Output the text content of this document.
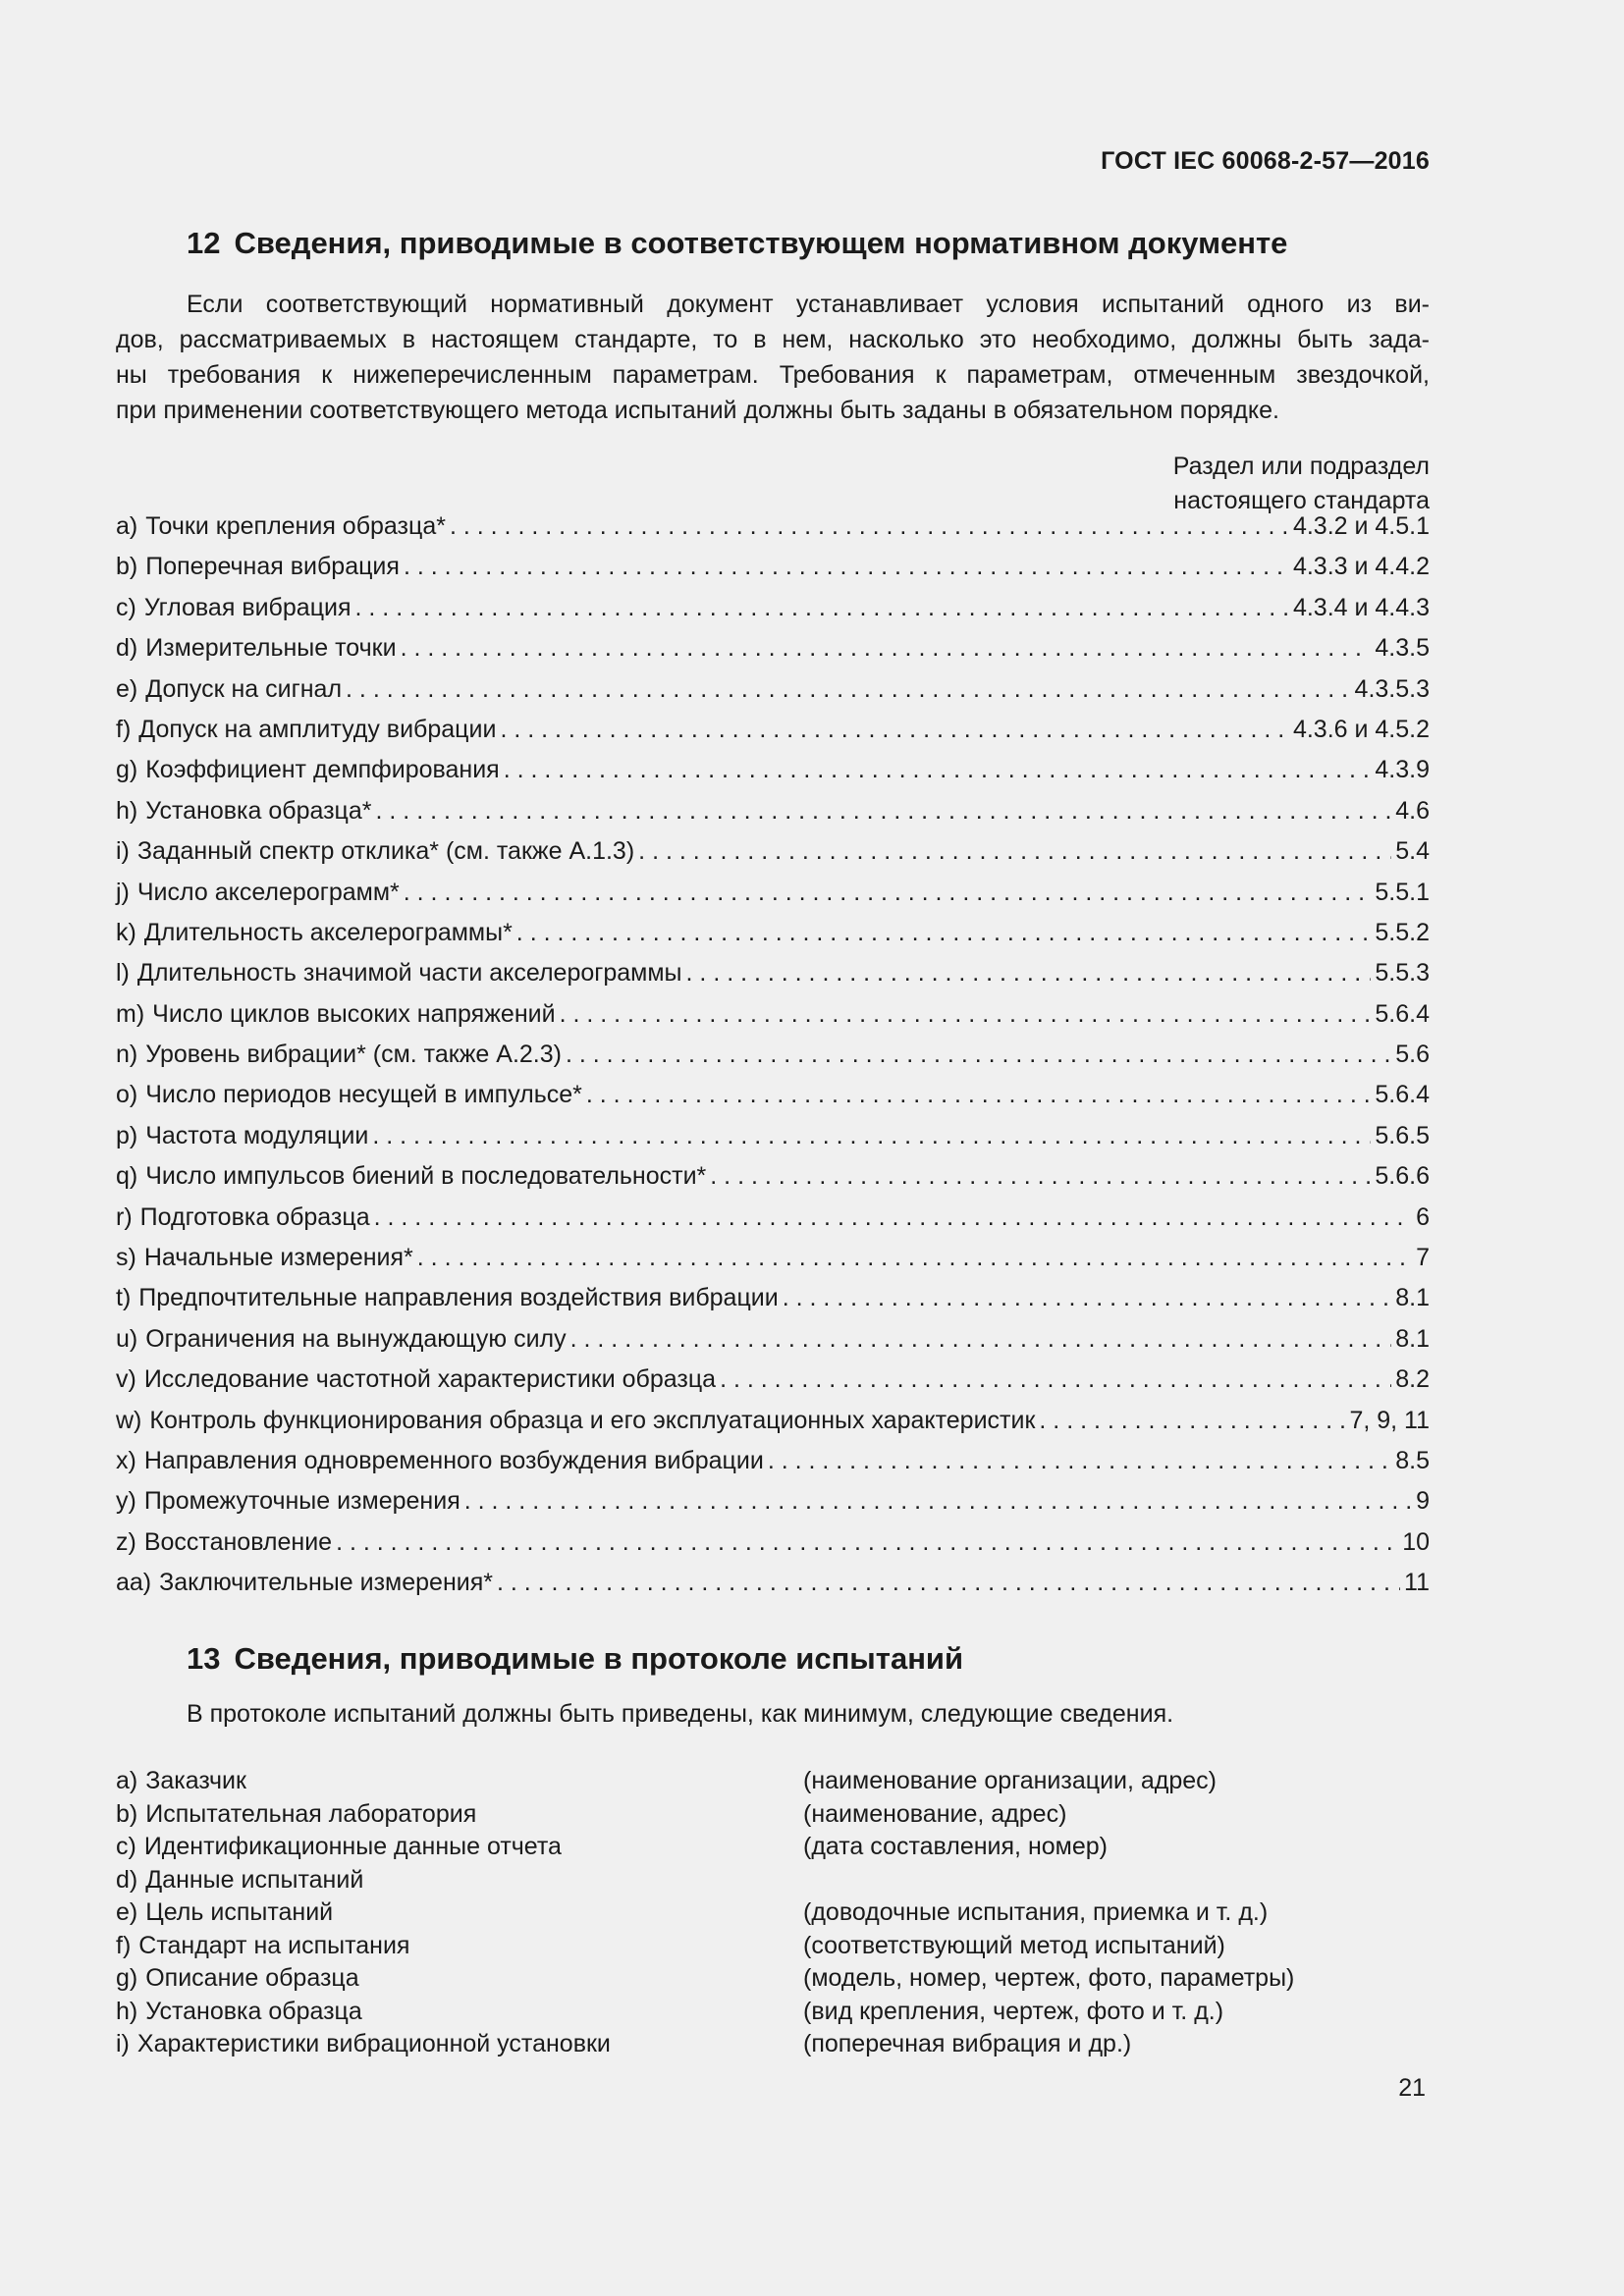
ГОСТ IEC 60068-2-57—2016
12 Сведения, приводимые в соответствующем нормативном документе
Если соответствующий нормативный документ устанавливает условия испытаний одного из ви-
дов, рассматриваемых в настоящем стандарте, то в нем, насколько это необходимо, должны быть зада-
ны требования к нижеперечисленным параметрам. Требования к параметрам, отмеченным звездочкой,
при применении соответствующего метода испытаний должны быть заданы в обязательном порядке.
Раздел или подраздел
настоящего стандарта
a) Точки крепления образца* . . .	4.3.2 и 4.5.1
b) Поперечная вибрация . . .	4.3.3 и 4.4.2
c) Угловая вибрация . . .	4.3.4 и 4.4.3
d) Измерительные точки . . .	4.3.5
e) Допуск на сигнал . . .	4.3.5.3
f) Допуск на амплитуду вибрации . . .	4.3.6 и 4.5.2
g) Коэффициент демпфирования . . .	4.3.9
h) Установка образца* . . .	4.6
i) Заданный спектр отклика* (см. также А.1.3) . . .	5.4
j) Число акселерограмм* . . .	5.5.1
k) Длительность акселерограммы* . . .	5.5.2
l) Длительность значимой части акселерограммы . . .	5.5.3
m) Число циклов высоких напряжений . . .	5.6.4
n) Уровень вибрации* (см. также А.2.3) . . .	5.6
o) Число периодов несущей в импульсе* . . .	5.6.4
p) Частота модуляции . . .	5.6.5
q) Число импульсов биений в последовательности* . . .	5.6.6
r) Подготовка образца . . .	6
s) Начальные измерения* . . .	7
t) Предпочтительные направления воздействия вибрации . . .	8.1
u) Ограничения на вынуждающую силу . . .	8.1
v) Исследование частотной характеристики образца . . .	8.2
w) Контроль функционирования образца и его эксплуатационных характеристик . . .	7, 9, 11
x) Направления одновременного возбуждения вибрации . . .	8.5
y) Промежуточные измерения . . .	9
z) Восстановление . . .	10
aa) Заключительные измерения* . . .	11
13 Сведения, приводимые в протоколе испытаний
В протоколе испытаний должны быть приведены, как минимум, следующие сведения.
a) Заказчик	(наименование организации, адрес)
b) Испытательная лаборатория	(наименование, адрес)
c) Идентификационные данные отчета	(дата составления, номер)
d) Данные испытаний
e) Цель испытаний	(доводочные испытания, приемка и т. д.)
f) Стандарт на испытания	(соответствующий метод испытаний)
g) Описание образца	(модель, номер, чертеж, фото, параметры)
h) Установка образца	(вид крепления, чертеж, фото и т. д.)
i) Характеристики вибрационной установки	(поперечная вибрация и др.)
21
